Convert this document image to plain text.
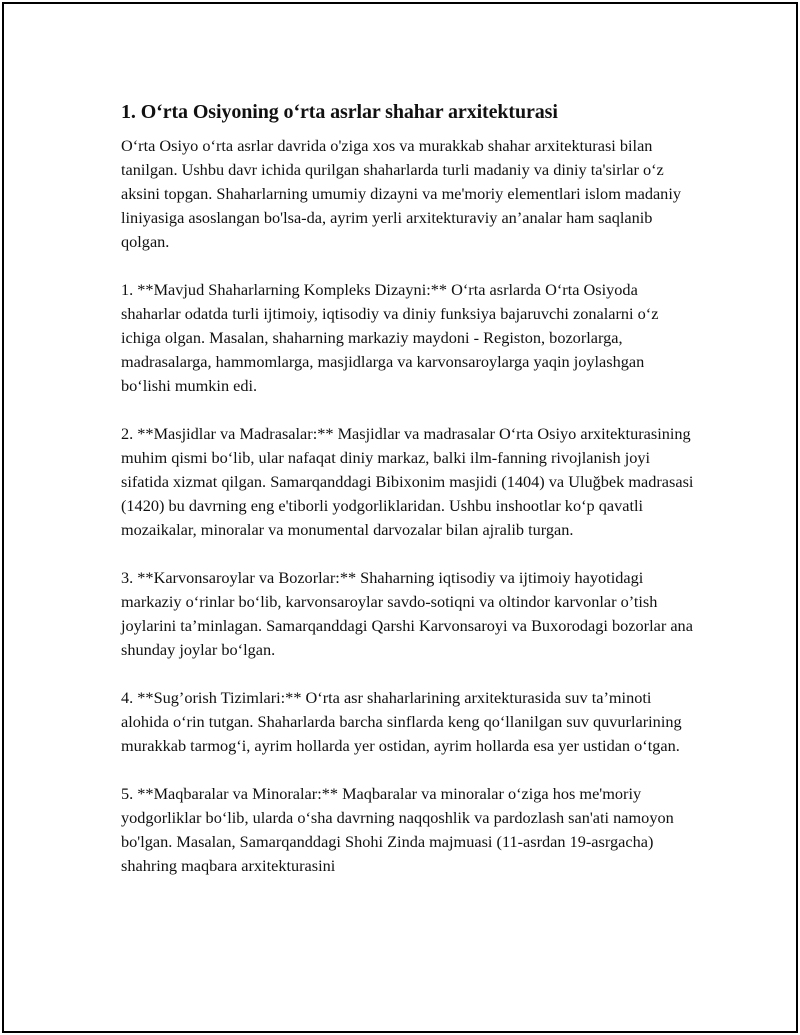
1. O‘rta Osiyoning o‘rta asrlar shahar arxitekturasi

O‘rta Osiyo o‘rta asrlar davrida o'ziga xos va murakkab shahar arxitekturasi bilan tanilgan. Ushbu davr ichida qurilgan shaharlarda turli madaniy va diniy ta'sirlar o‘z aksini topgan. Shaharlarning umumiy dizayni va me'moriy elementlari islom madaniy liniyasiga asoslangan bo'lsa-da, ayrim yerli arxitekturaviy an’analar ham saqlanib qolgan.

1. **Mavjud Shaharlarning Kompleks Dizayni:** O‘rta asrlarda O‘rta Osiyoda shaharlar odatda turli ijtimoiy, iqtisodiy va diniy funksiya bajaruvchi zonalarni o‘z ichiga olgan. Masalan, shaharning markaziy maydoni - Registon, bozorlarga, madrasalarga, hammomlarga, masjidlarga va karvonsaroylarga yaqin joylashgan bo‘lishi mumkin edi.

2. **Masjidlar va Madrasalar:** Masjidlar va madrasalar O‘rta Osiyo arxitekturasining muhim qismi bo‘lib, ular nafaqat diniy markaz, balki ilm-fanning rivojlanish joyi sifatida xizmat qilgan. Samarqanddagi Bibixonim masjidi (1404) va Uluğbek madrasasi (1420) bu davrning eng e'tiborli yodgorliklaridan. Ushbu inshootlar ko‘p qavatli mozaikalar, minoralar va monumental darvozalar bilan ajralib turgan.

3. **Karvonsaroylar va Bozorlar:** Shaharning iqtisodiy va ijtimoiy hayotidagi markaziy o‘rinlar bo‘lib, karvonsaroylar savdo-sotiqni va oltindor karvonlar o’tish joylarini ta’minlagan. Samarqanddagi Qarshi Karvonsaroyi va Buxorodagi bozorlar ana shunday joylar bo‘lgan.

4. **Sug’orish Tizimlari:** O‘rta asr shaharlarining arxitekturasida suv ta’minoti alohida o‘rin tutgan. Shaharlarda barcha sinflarda keng qo‘llanilgan suv quvurlarining murakkab tarmog‘i, ayrim hollarda yer ostidan, ayrim hollarda esa yer ustidan o‘tgan.

5. **Maqbaralar va Minoralar:** Maqbaralar va minoralar o‘ziga hos me'moriy yodgorliklar bo‘lib, ularda o‘sha davrning naqqoshlik va pardozlash san'ati namoyon bo'lgan. Masalan, Samarqanddagi Shohi Zinda majmuasi (11-asrdan 19-asrgacha) shahring maqbara arxitekturasini
